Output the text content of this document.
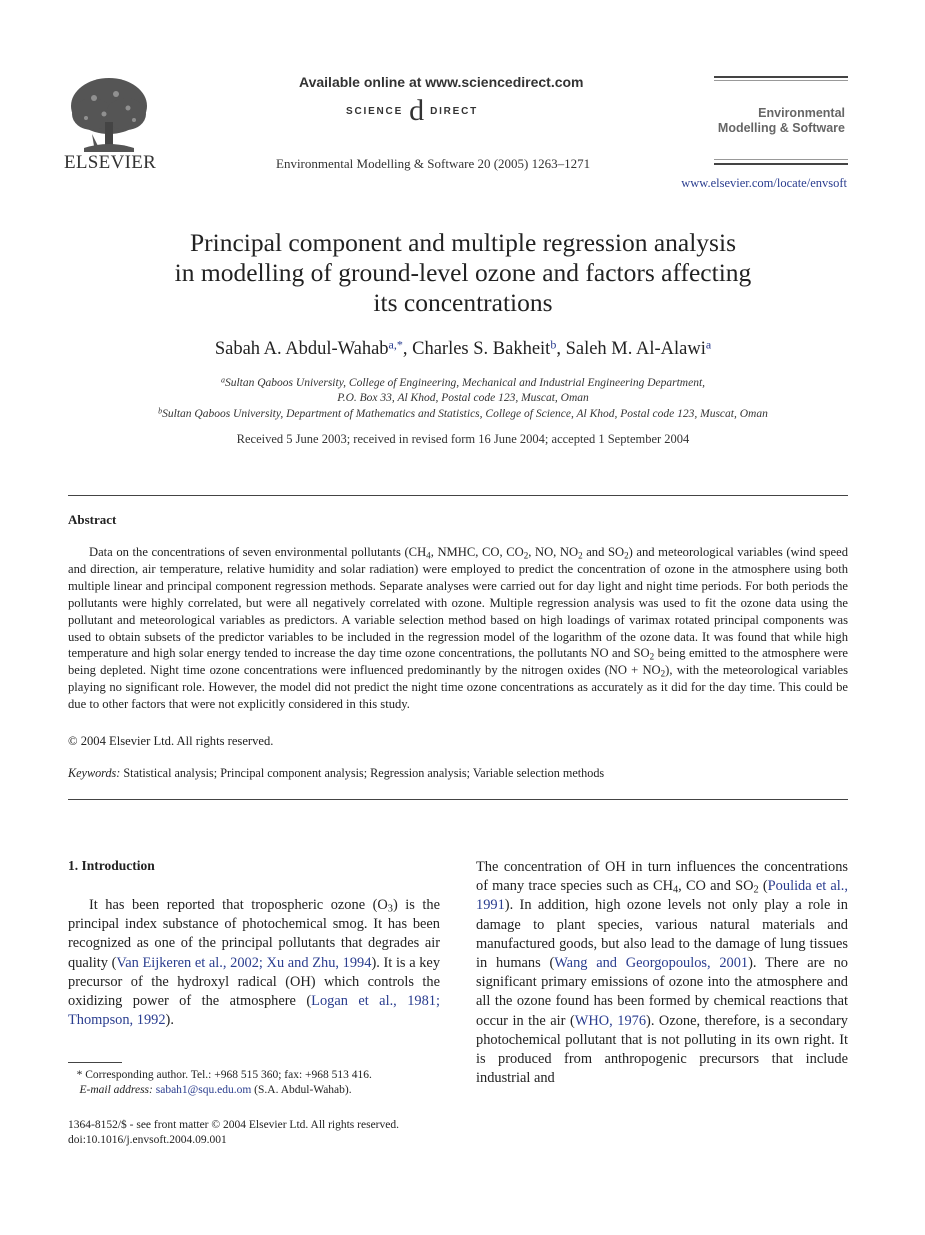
ELSEVIER
Available online at www.sciencedirect.com
SCIENCE d DIRECT
Environmental Modelling & Software 20 (2005) 1263–1271
Environmental
Modelling & Software
www.elsevier.com/locate/envsoft
Principal component and multiple regression analysis
in modelling of ground-level ozone and factors affecting
its concentrations
Sabah A. Abdul-Wahab$^{a,*}$, Charles S. Bakheit$^b$, Saleh M. Al-Alawi$^a$
$^a$Sultan Qaboos University, College of Engineering, Mechanical and Industrial Engineering Department,
P.O. Box 33, Al Khod, Postal code 123, Muscat, Oman
$^b$Sultan Qaboos University, Department of Mathematics and Statistics, College of Science, Al Khod, Postal code 123, Muscat, Oman
Received 5 June 2003; received in revised form 16 June 2004; accepted 1 September 2004
Abstract
Data on the concentrations of seven environmental pollutants ($CH_4$, NMHC, CO, $CO_2$, NO, $NO_2$ and $SO_2$) and meteorological variables (wind speed and direction, air temperature, relative humidity and solar radiation) were employed to predict the concentration of ozone in the atmosphere using both multiple linear and principal component regression methods. Separate analyses were carried out for day light and night time periods. For both periods the pollutants were highly correlated, but were all negatively correlated with ozone. Multiple regression analysis was used to fit the ozone data using the pollutant and meteorological variables as predictors. A variable selection method based on high loadings of varimax rotated principal components was used to obtain subsets of the predictor variables to be included in the regression model of the logarithm of the ozone data. It was found that while high temperature and high solar energy tended to increase the day time ozone concentrations, the pollutants NO and $SO_2$ being emitted to the atmosphere were being depleted. Night time ozone concentrations were influenced predominantly by the nitrogen oxides $(NO + NO_2)$, with the meteorological variables playing no significant role. However, the model did not predict the night time ozone concentrations as accurately as it did for the day time. This could be due to other factors that were not explicitly considered in this study.
© 2004 Elsevier Ltd. All rights reserved.
Keywords: Statistical analysis; Principal component analysis; Regression analysis; Variable selection methods
1. Introduction
It has been reported that tropospheric ozone $(O_3)$ is the principal index substance of photochemical smog. It has been recognized as one of the principal pollutants that degrades air quality (Van Eijkeren et al., 2002; Xu and Zhu, 1994). It is a key precursor of the hydroxyl radical (OH) which controls the oxidizing power of the atmosphere (Logan et al., 1981; Thompson, 1992).
The concentration of OH in turn influences the concentrations of many trace species such as $CH_4$, CO and $SO_2$ (Poulida et al., 1991). In addition, high ozone levels not only play a role in damage to plant species, various natural materials and manufactured goods, but also lead to the damage of lung tissues in humans (Wang and Georgopoulos, 2001). There are no significant primary emissions of ozone into the atmosphere and all the ozone found has been formed by chemical reactions that occur in the air (WHO, 1976). Ozone, therefore, is a secondary photochemical pollutant that is not polluting in its own right. It is produced from anthropogenic precursors that include industrial and
* Corresponding author. Tel.: +968 515 360; fax: +968 513 416.
E-mail address: sabah1@squ.edu.om (S.A. Abdul-Wahab).
1364-8152/$ - see front matter © 2004 Elsevier Ltd. All rights reserved.
doi:10.1016/j.envsoft.2004.09.001
